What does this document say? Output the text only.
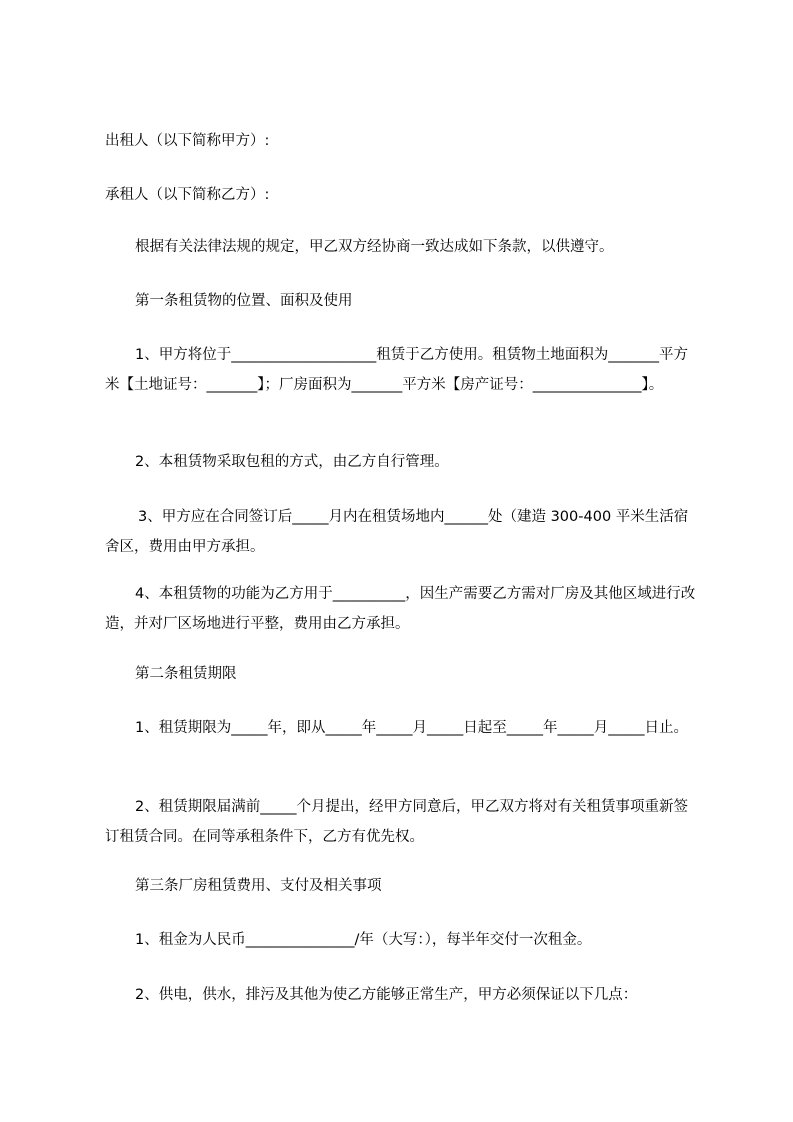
出租人（以下简称甲方）:

承租人（以下简称乙方）:

根据有关法律法规的规定，甲乙双方经协商一致达成如下条款，以供遵守。

第一条租赁物的位置、面积及使用

1、甲方将位于____________________租赁于乙方使用。租赁物土地面积为_______平方米【土地证号：_______】；厂房面积为_______平方米【房产证号：_______________】。

2、本租赁物采取包租的方式，由乙方自行管理。

3、甲方应在合同签订后_____月内在租赁场地内______处（建造 300-400 平米生活宿舍区，费用由甲方承担。

4、本租赁物的功能为乙方用于__________，因生产需要乙方需对厂房及其他区域进行改造，并对厂区场地进行平整，费用由乙方承担。

第二条租赁期限

1、租赁期限为_____年，即从_____年_____月_____日起至_____年_____月_____日止。

2、租赁期限届满前_____个月提出，经甲方同意后，甲乙双方将对有关租赁事项重新签订租赁合同。在同等承租条件下，乙方有优先权。

第三条厂房租赁费用、支付及相关事项

1、租金为人民币_______________/年（大写：），每半年交付一次租金。

2、供电，供水，排污及其他为使乙方能够正常生产，甲方必须保证以下几点：
